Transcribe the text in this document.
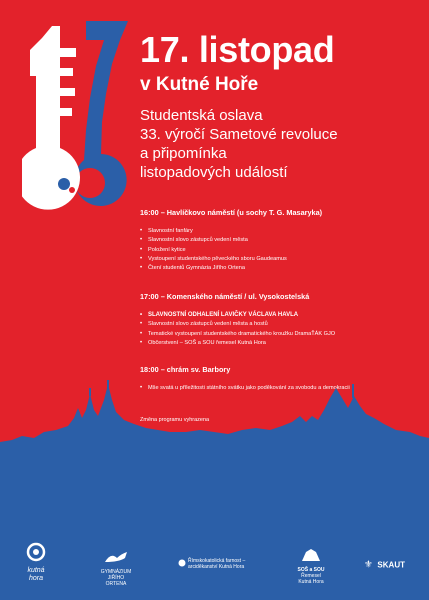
17. listopad
v Kutné Hoře
Studentská oslava
33. výročí Sametové revoluce
a připomínka
listopadových událostí
16:00 – Havlíčkovo náměstí (u sochy T. G. Masaryka)
• Slavnostní fanfáry
• Slavnostní slovo zástupců vedení města
• Položení kytice
• Vystoupení studentského pěveckého sboru Gaudeamus
• Čtení studentů Gymnázia Jiřího Ortena
17:00 – Komenského náměstí / ul. Vysokostelská
• SLAVNOSTNÍ ODHALENÍ LAVIČKY VÁCLAVA HAVLA
• Slavnostní slovo zástupců vedení města a hostů
• Tematické vystoupení studentského dramatického kroužku DramaŤÁK GJO
• Občerstvení – SOŠ a SOU řemesel Kutná Hora
18:00 – chrám sv. Barbory
• Mše svatá u příležitosti státního svátku jako poděkování za svobodu a demokracii
Změna programu vyhrazena
kutná
hora
GYMNÁZIUM
JIŘÍHO ORTENA
Římskokatolická farnost –
arciděkanství Kutná Hora	SOŠ a SOU
Řemesel
Kutná Hora
⚜ SKAUT
